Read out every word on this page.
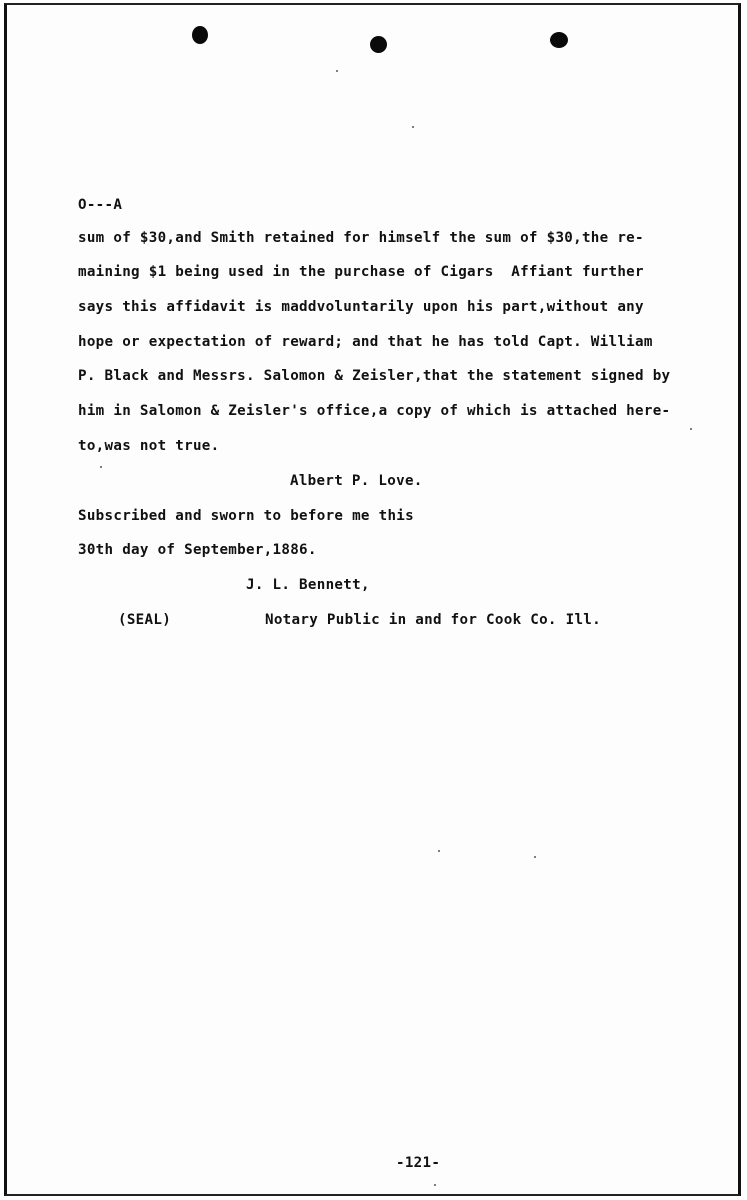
O---A
sum of $30,and Smith retained for himself the sum of $30,the re-
maining $1 being used in the purchase of Cigars  Affiant further
says this affidavit is maddvoluntarily upon his part,without any
hope or expectation of reward; and that he has told Capt. William
P. Black and Messrs. Salomon & Zeisler,that the statement signed by
him in Salomon & Zeisler's office,a copy of which is attached here-
to,was not true.
Albert P. Love.
Subscribed and sworn to before me this
30th day of September,1886.
J. L. Bennett,
(SEAL)	Notary Public in and for Cook Co. Ill.
-121-
